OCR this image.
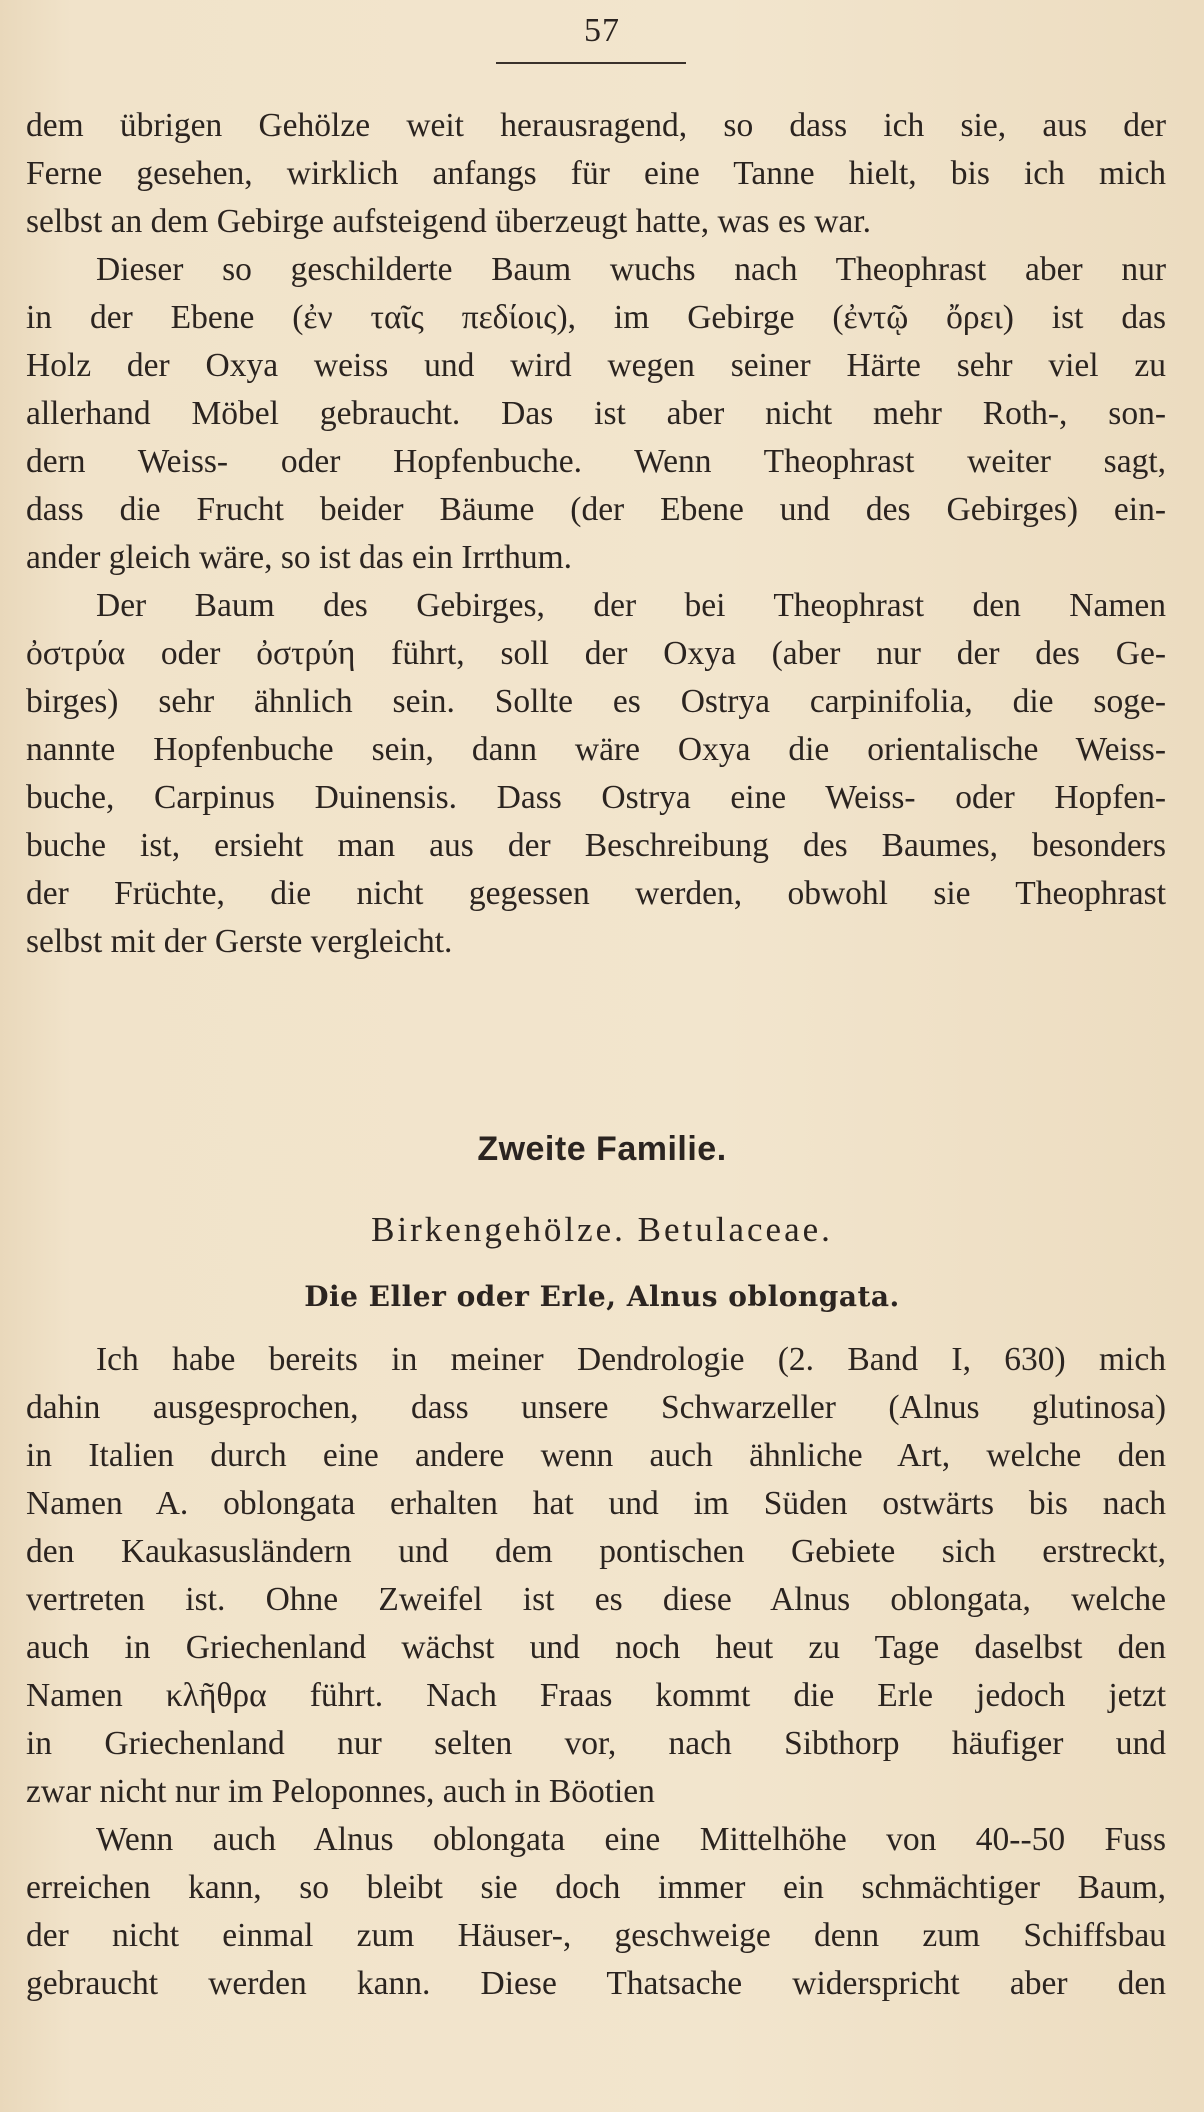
57
dem übrigen Gehölze weit herausragend, so dass ich sie, aus der
Ferne gesehen, wirklich anfangs für eine Tanne hielt, bis ich mich
selbst an dem Gebirge aufsteigend überzeugt hatte, was es war.
Dieser so geschilderte Baum wuchs nach Theophrast aber nur
in der Ebene (ἐν ταῖς πεδίοις), im Gebirge (ἐντῷ ὄρει) ist das
Holz der Oxya weiss und wird wegen seiner Härte sehr viel zu
allerhand Möbel gebraucht. Das ist aber nicht mehr Roth-, son-
dern Weiss- oder Hopfenbuche. Wenn Theophrast weiter sagt,
dass die Frucht beider Bäume (der Ebene und des Gebirges) ein-
ander gleich wäre, so ist das ein Irrthum.
Der Baum des Gebirges, der bei Theophrast den Namen
ὀστρύα oder ὀστρύη führt, soll der Oxya (aber nur der des Ge-
birges) sehr ähnlich sein. Sollte es Ostrya carpinifolia, die soge-
nannte Hopfenbuche sein, dann wäre Oxya die orientalische Weiss-
buche, Carpinus Duinensis. Dass Ostrya eine Weiss- oder Hopfen-
buche ist, ersieht man aus der Beschreibung des Baumes, besonders
der Früchte, die nicht gegessen werden, obwohl sie Theophrast
selbst mit der Gerste vergleicht.
Zweite Familie.
Birkengehölze. Betulaceae.
Die Eller oder Erle, Alnus oblongata.
Ich habe bereits in meiner Dendrologie (2. Band I, 630) mich
dahin ausgesprochen, dass unsere Schwarzeller (Alnus glutinosa)
in Italien durch eine andere wenn auch ähnliche Art, welche den
Namen A. oblongata erhalten hat und im Süden ostwärts bis nach
den Kaukasusländern und dem pontischen Gebiete sich erstreckt,
vertreten ist. Ohne Zweifel ist es diese Alnus oblongata, welche
auch in Griechenland wächst und noch heut zu Tage daselbst den
Namen κλῆθρα führt. Nach Fraas kommt die Erle jedoch jetzt
in Griechenland nur selten vor, nach Sibthorp häufiger und
zwar nicht nur im Peloponnes, auch in Böotien
Wenn auch Alnus oblongata eine Mittelhöhe von 40--50 Fuss
erreichen kann, so bleibt sie doch immer ein schmächtiger Baum,
der nicht einmal zum Häuser-, geschweige denn zum Schiffsbau
gebraucht werden kann. Diese Thatsache widerspricht aber den
